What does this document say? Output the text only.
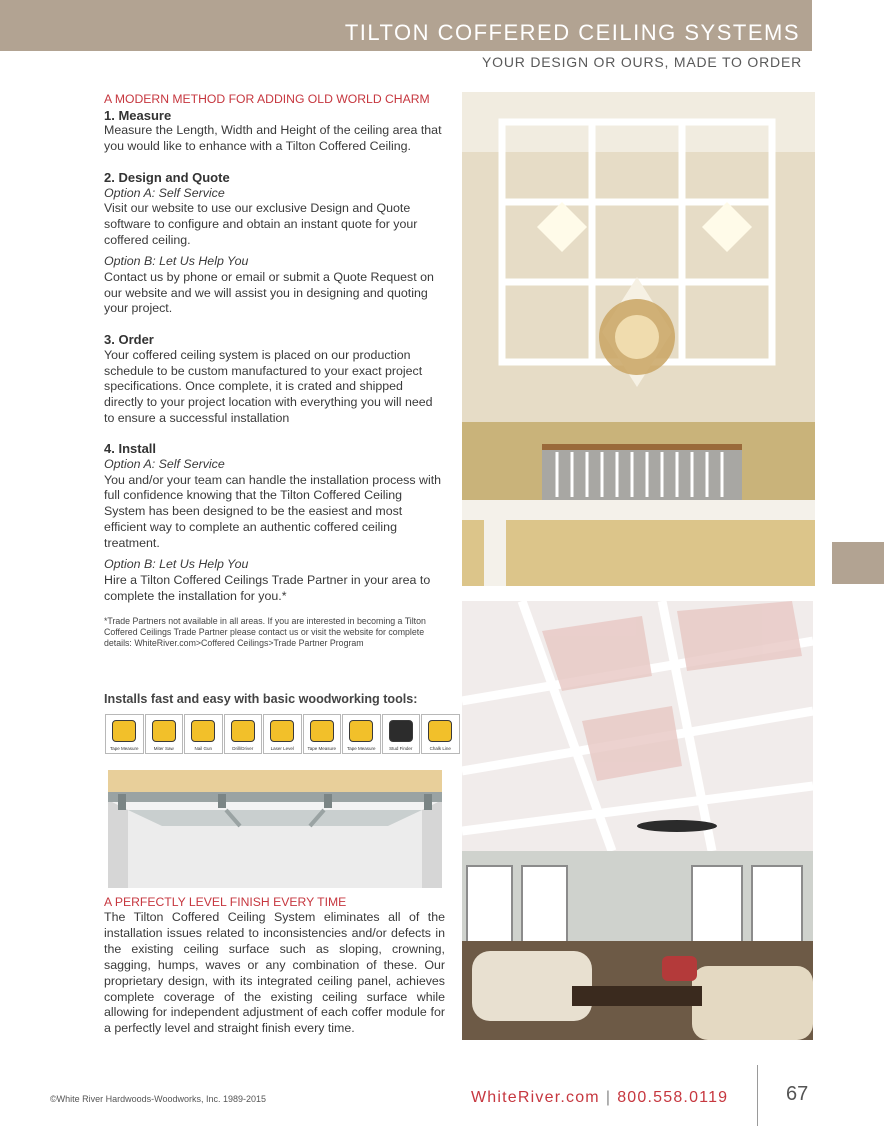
TILTON COFFERED CEILING SYSTEMS
YOUR DESIGN OR OURS, MADE TO ORDER

A MODERN METHOD FOR ADDING OLD WORLD CHARM

1. Measure

Measure the Length, Width and Height of the ceiling area that you would like to enhance with a Tilton Coffered Ceiling.

2. Design and Quote

Option A: Self Service

Visit our website to use our exclusive Design and Quote software to configure and obtain an instant quote for your coffered ceiling.

Option B: Let Us Help You

Contact us by phone or email or submit a Quote Request on our website and we will assist you in designing and quoting your project.

3. Order

Your coffered ceiling system is placed on our production schedule to be custom manufactured to your exact project specifications. Once complete, it is crated and shipped directly to your project location with everything you will need to ensure a successful installation

4. Install

Option A: Self Service

You and/or your team can handle the installation process with full confidence knowing that the Tilton Coffered Ceiling System has been designed to be the easiest and most efficient way to complete an authentic coffered ceiling treatment.

Option B: Let Us Help You

Hire a Tilton Coffered Ceilings Trade Partner in your area to complete the installation for you.*

*Trade Partners not available in all areas. If you are interested in becoming a Tilton Coffered Ceilings Trade Partner please contact us or visit the website for complete details: WhiteRiver.com>Coffered Ceilings>Trade Partner Program

Installs fast and easy with basic woodworking tools:
Tape Measure	Miter Saw	Nail Gun	Drill/Driver	Laser Level	Tape Measure	Tape Measure	Stud Finder	Chalk Line
A PERFECTLY LEVEL FINISH EVERY TIME
The Tilton Coffered Ceiling System eliminates all of the installation issues related to inconsistencies and/or defects in the existing ceiling surface such as sloping, crowning, sagging, humps, waves or any combination of these. Our proprietary design, with its integrated ceiling panel, achieves complete coverage of the existing ceiling surface while allowing for independent adjustment of each coffer module for a perfectly level and straight finish every time.
©White River Hardwoods-Woodworks, Inc. 1989-2015	WhiteRiver.com | 800.558.0119	67
